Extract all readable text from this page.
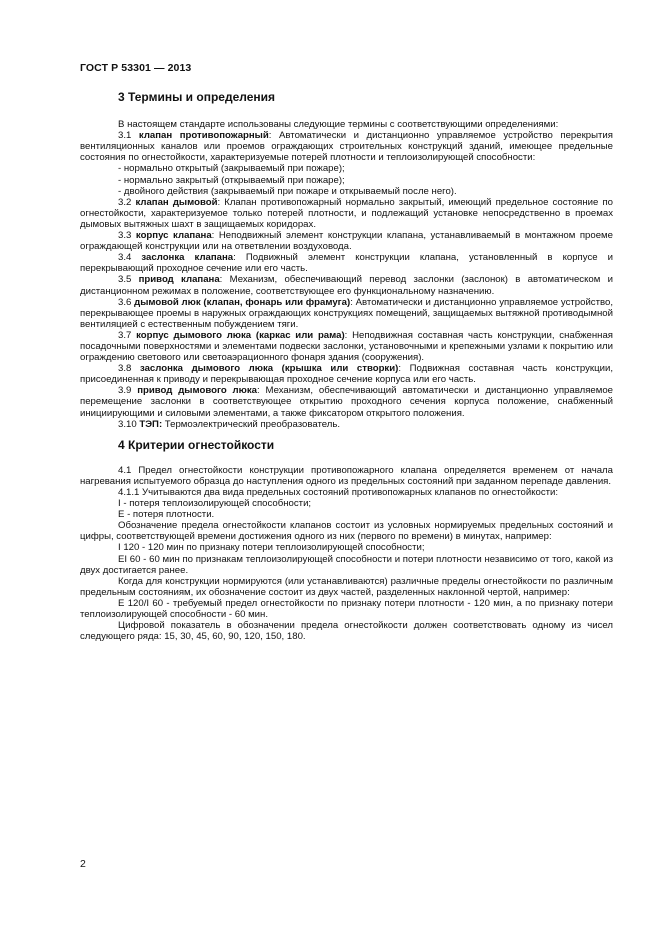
ГОСТ Р 53301 — 2013
3 Термины и определения

В настоящем стандарте использованы следующие термины с соответствующими определениями:

3.1 клапан противопожарный: Автоматически и дистанционно управляемое устройство перекрытия вентиляционных каналов или проемов ограждающих строительных конструкций зданий, имеющее предельные состояния по огнестойкости, характеризуемые потерей плотности и теплоизолирующей способности:

- нормально открытый (закрываемый при пожаре);

- нормально закрытый (открываемый при пожаре);

- двойного действия (закрываемый при пожаре и открываемый после него).

3.2 клапан дымовой: Клапан противопожарный нормально закрытый, имеющий предельное состояние по огнестойкости, характеризуемое только потерей плотности, и подлежащий установке непосредственно в проемах дымовых вытяжных шахт в защищаемых коридорах.

3.3 корпус клапана: Неподвижный элемент конструкции клапана, устанавливаемый в монтажном проеме ограждающей конструкции или на ответвлении воздуховода.

3.4 заслонка клапана: Подвижный элемент конструкции клапана, установленный в корпусе и перекрывающий проходное сечение или его часть.

3.5 привод клапана: Механизм, обеспечивающий перевод заслонки (заслонок) в автоматическом и дистанционном режимах в положение, соответствующее его функциональному назначению.

3.6 дымовой люк (клапан, фонарь или фрамуга): Автоматически и дистанционно управляемое устройство, перекрывающее проемы в наружных ограждающих конструкциях помещений, защищаемых вытяжной противодымной вентиляцией с естественным побуждением тяги.

3.7 корпус дымового люка (каркас или рама): Неподвижная составная часть конструкции, снабженная посадочными поверхностями и элементами подвески заслонки, установочными и крепежными узлами к покрытию или ограждению светового или светоаэрационного фонаря здания (сооружения).

3.8 заслонка дымового люка (крышка или створки): Подвижная составная часть конструкции, присоединенная к приводу и перекрывающая проходное сечение корпуса или его часть.

3.9 привод дымового люка: Механизм, обеспечивающий автоматически и дистанционно управляемое перемещение заслонки в соответствующее открытию проходного сечения корпуса положение, снабженный инициирующими и силовыми элементами, а также фиксатором открытого положения.

3.10 ТЭП: Термоэлектрический преобразователь.

4 Критерии огнестойкости

4.1 Предел огнестойкости конструкции противопожарного клапана определяется временем от начала нагревания испытуемого образца до наступления одного из предельных состояний при заданном перепаде давления.

4.1.1 Учитываются два вида предельных состояний противопожарных клапанов по огнестойкости:

I - потеря теплоизолирующей способности;

Е - потеря плотности.

Обозначение предела огнестойкости клапанов состоит из условных нормируемых предельных состояний и цифры, соответствующей времени достижения одного из них (первого по времени) в минутах, например:

I 120 - 120 мин по признаку потери теплоизолирующей способности;

EI 60 - 60 мин по признакам теплоизолирующей способности и потери плотности независимо от того, какой из двух достигается ранее.

Когда для конструкции нормируются (или устанавливаются) различные пределы огнестойкости по различным предельным состояниям, их обозначение состоит из двух частей, разделенных наклонной чертой, например:

Е 120/I 60 - требуемый предел огнестойкости по признаку потери плотности - 120 мин, а по признаку потери теплоизолирующей способности - 60 мин.

Цифровой показатель в обозначении предела огнестойкости должен соответствовать одному из чисел следующего ряда: 15, 30, 45, 60, 90, 120, 150, 180.

2
